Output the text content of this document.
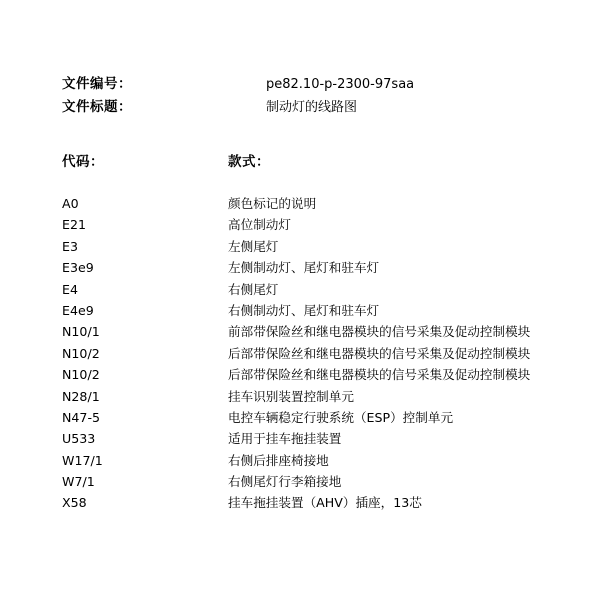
文件编号：	pe82.10-p-2300-97saa
文件标题：	制动灯的线路图
代码：	款式：
A0	颜色标记的说明
E21	高位制动灯
E3	左侧尾灯
E3e9	左侧制动灯、尾灯和驻车灯
E4	右侧尾灯
E4e9	右侧制动灯、尾灯和驻车灯
N10/1	前部带保险丝和继电器模块的信号采集及促动控制模块
N10/2	后部带保险丝和继电器模块的信号采集及促动控制模块
N10/2	后部带保险丝和继电器模块的信号采集及促动控制模块
N28/1	挂车识别装置控制单元
N47-5	电控车辆稳定行驶系统（ESP）控制单元
U533	适用于挂车拖挂装置
W17/1	右侧后排座椅接地
W7/1	右侧尾灯行李箱接地
X58	挂车拖挂装置（AHV）插座，13芯
